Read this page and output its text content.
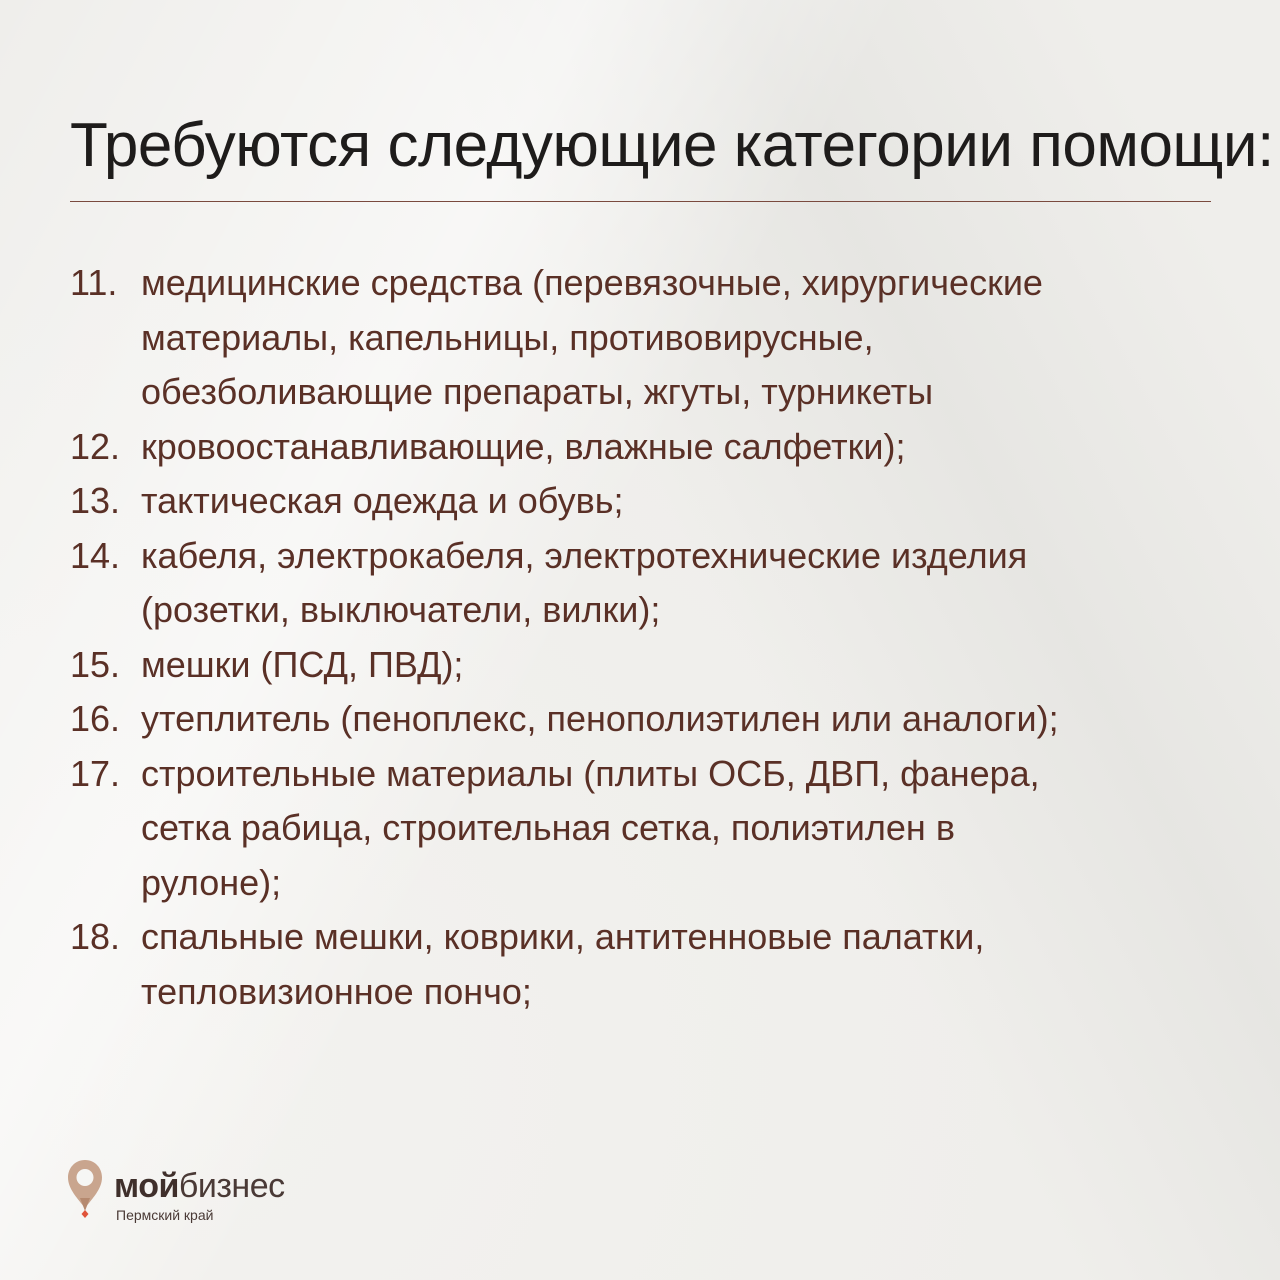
Требуются следующие категории помощи:
11. медицинские средства (перевязочные, хирургические
материалы, капельницы, противовирусные,
обезболивающие препараты, жгуты, турникеты
12. кровоостанавливающие, влажные салфетки);
13. тактическая одежда и обувь;
14. кабеля, электрокабеля, электротехнические изделия
(розетки, выключатели, вилки);
15. мешки (ПСД, ПВД);
16. утеплитель (пеноплекс, пенополиэтилен или аналоги);
17. строительные материалы (плиты ОСБ, ДВП, фанера,
сетка рабица, строительная сетка, полиэтилен в
рулоне);
18. спальные мешки, коврики, антитенновые палатки,
тепловизионное пончо;
мойбизнес
Пермский край
